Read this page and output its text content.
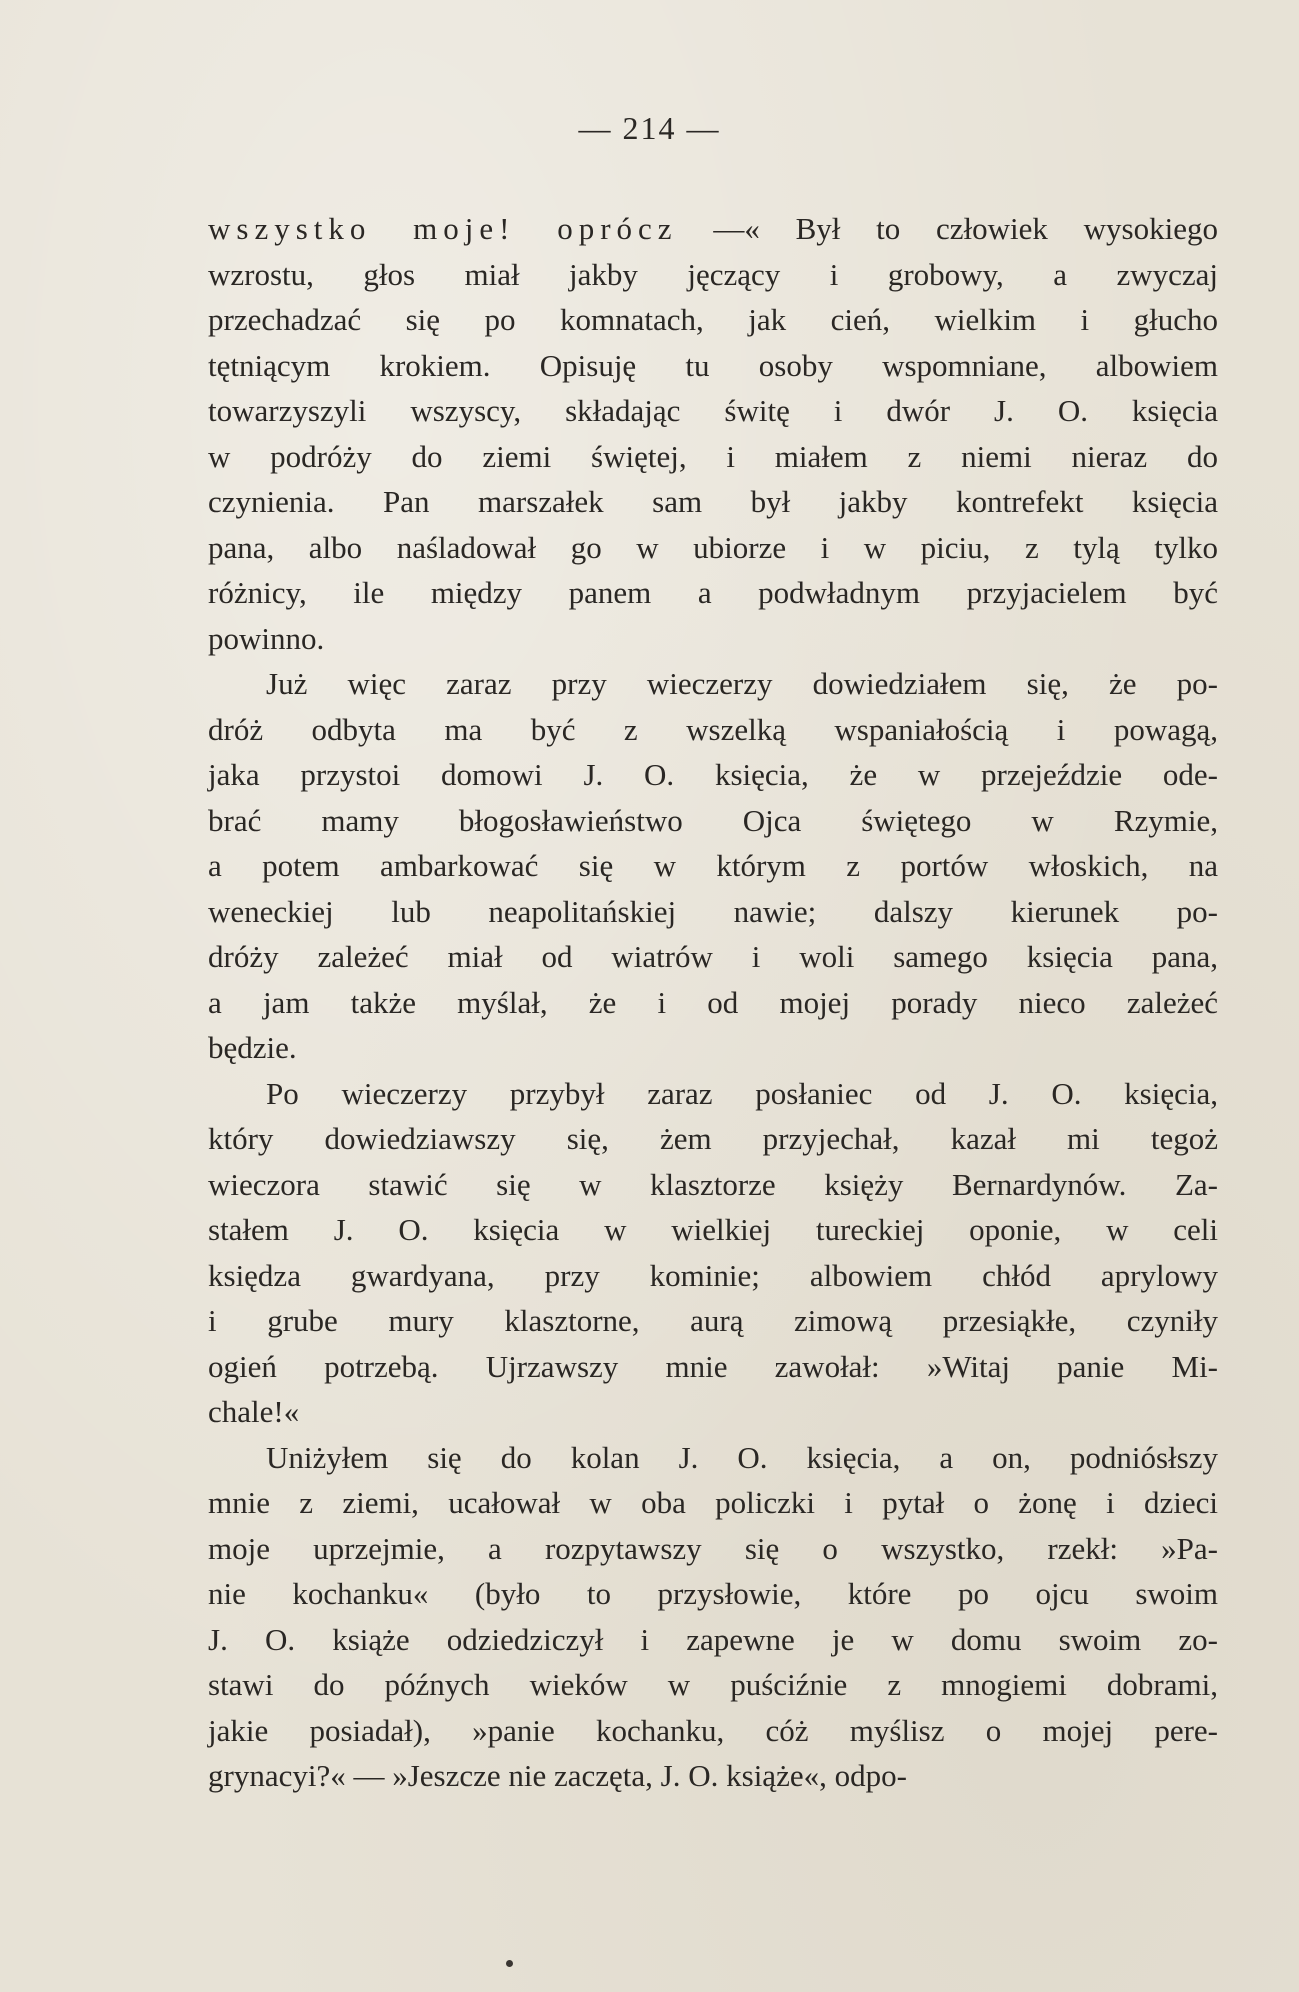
— 214 —
wszystko moje! oprócz —« Był to człowiek wysokiego
wzrostu, głos miał jakby jęczący i grobowy, a zwyczaj
przechadzać się po komnatach, jak cień, wielkim i głucho
tętniącym krokiem. Opisuję tu osoby wspomniane, albowiem
towarzyszyli wszyscy, składając świtę i dwór J. O. księcia
w podróży do ziemi świętej, i miałem z niemi nieraz do
czynienia. Pan marszałek sam był jakby kontrefekt księcia
pana, albo naśladował go w ubiorze i w piciu, z tylą tylko
różnicy, ile między panem a podwładnym przyjacielem być
powinno.
Już więc zaraz przy wieczerzy dowiedziałem się, że po-
dróż odbyta ma być z wszelką wspaniałością i powagą,
jaka przystoi domowi J. O. księcia, że w przejeździe ode-
brać mamy błogosławieństwo Ojca świętego w Rzymie,
a potem ambarkować się w którym z portów włoskich, na
weneckiej lub neapolitańskiej nawie; dalszy kierunek po-
dróży zależeć miał od wiatrów i woli samego księcia pana,
a jam także myślał, że i od mojej porady nieco zależeć
będzie.
Po wieczerzy przybył zaraz posłaniec od J. O. księcia,
który dowiedziawszy się, żem przyjechał, kazał mi tegoż
wieczora stawić się w klasztorze księży Bernardynów. Za-
stałem J. O. księcia w wielkiej tureckiej oponie, w celi
księdza gwardyana, przy kominie; albowiem chłód aprylowy
i grube mury klasztorne, aurą zimową przesiąkłe, czyniły
ogień potrzebą. Ujrzawszy mnie zawołał: »Witaj panie Mi-
chale!«
Uniżyłem się do kolan J. O. księcia, a on, podniósłszy
mnie z ziemi, ucałował w oba policzki i pytał o żonę i dzieci
moje uprzejmie, a rozpytawszy się o wszystko, rzekł: »Pa-
nie kochanku« (było to przysłowie, które po ojcu swoim
J. O. książe odziedziczył i zapewne je w domu swoim zo-
stawi do późnych wieków w puściźnie z mnogiemi dobrami,
jakie posiadał), »panie kochanku, cóż myślisz o mojej pere-
grynacyi?« — »Jeszcze nie zaczęta, J. O. książe«, odpo-
